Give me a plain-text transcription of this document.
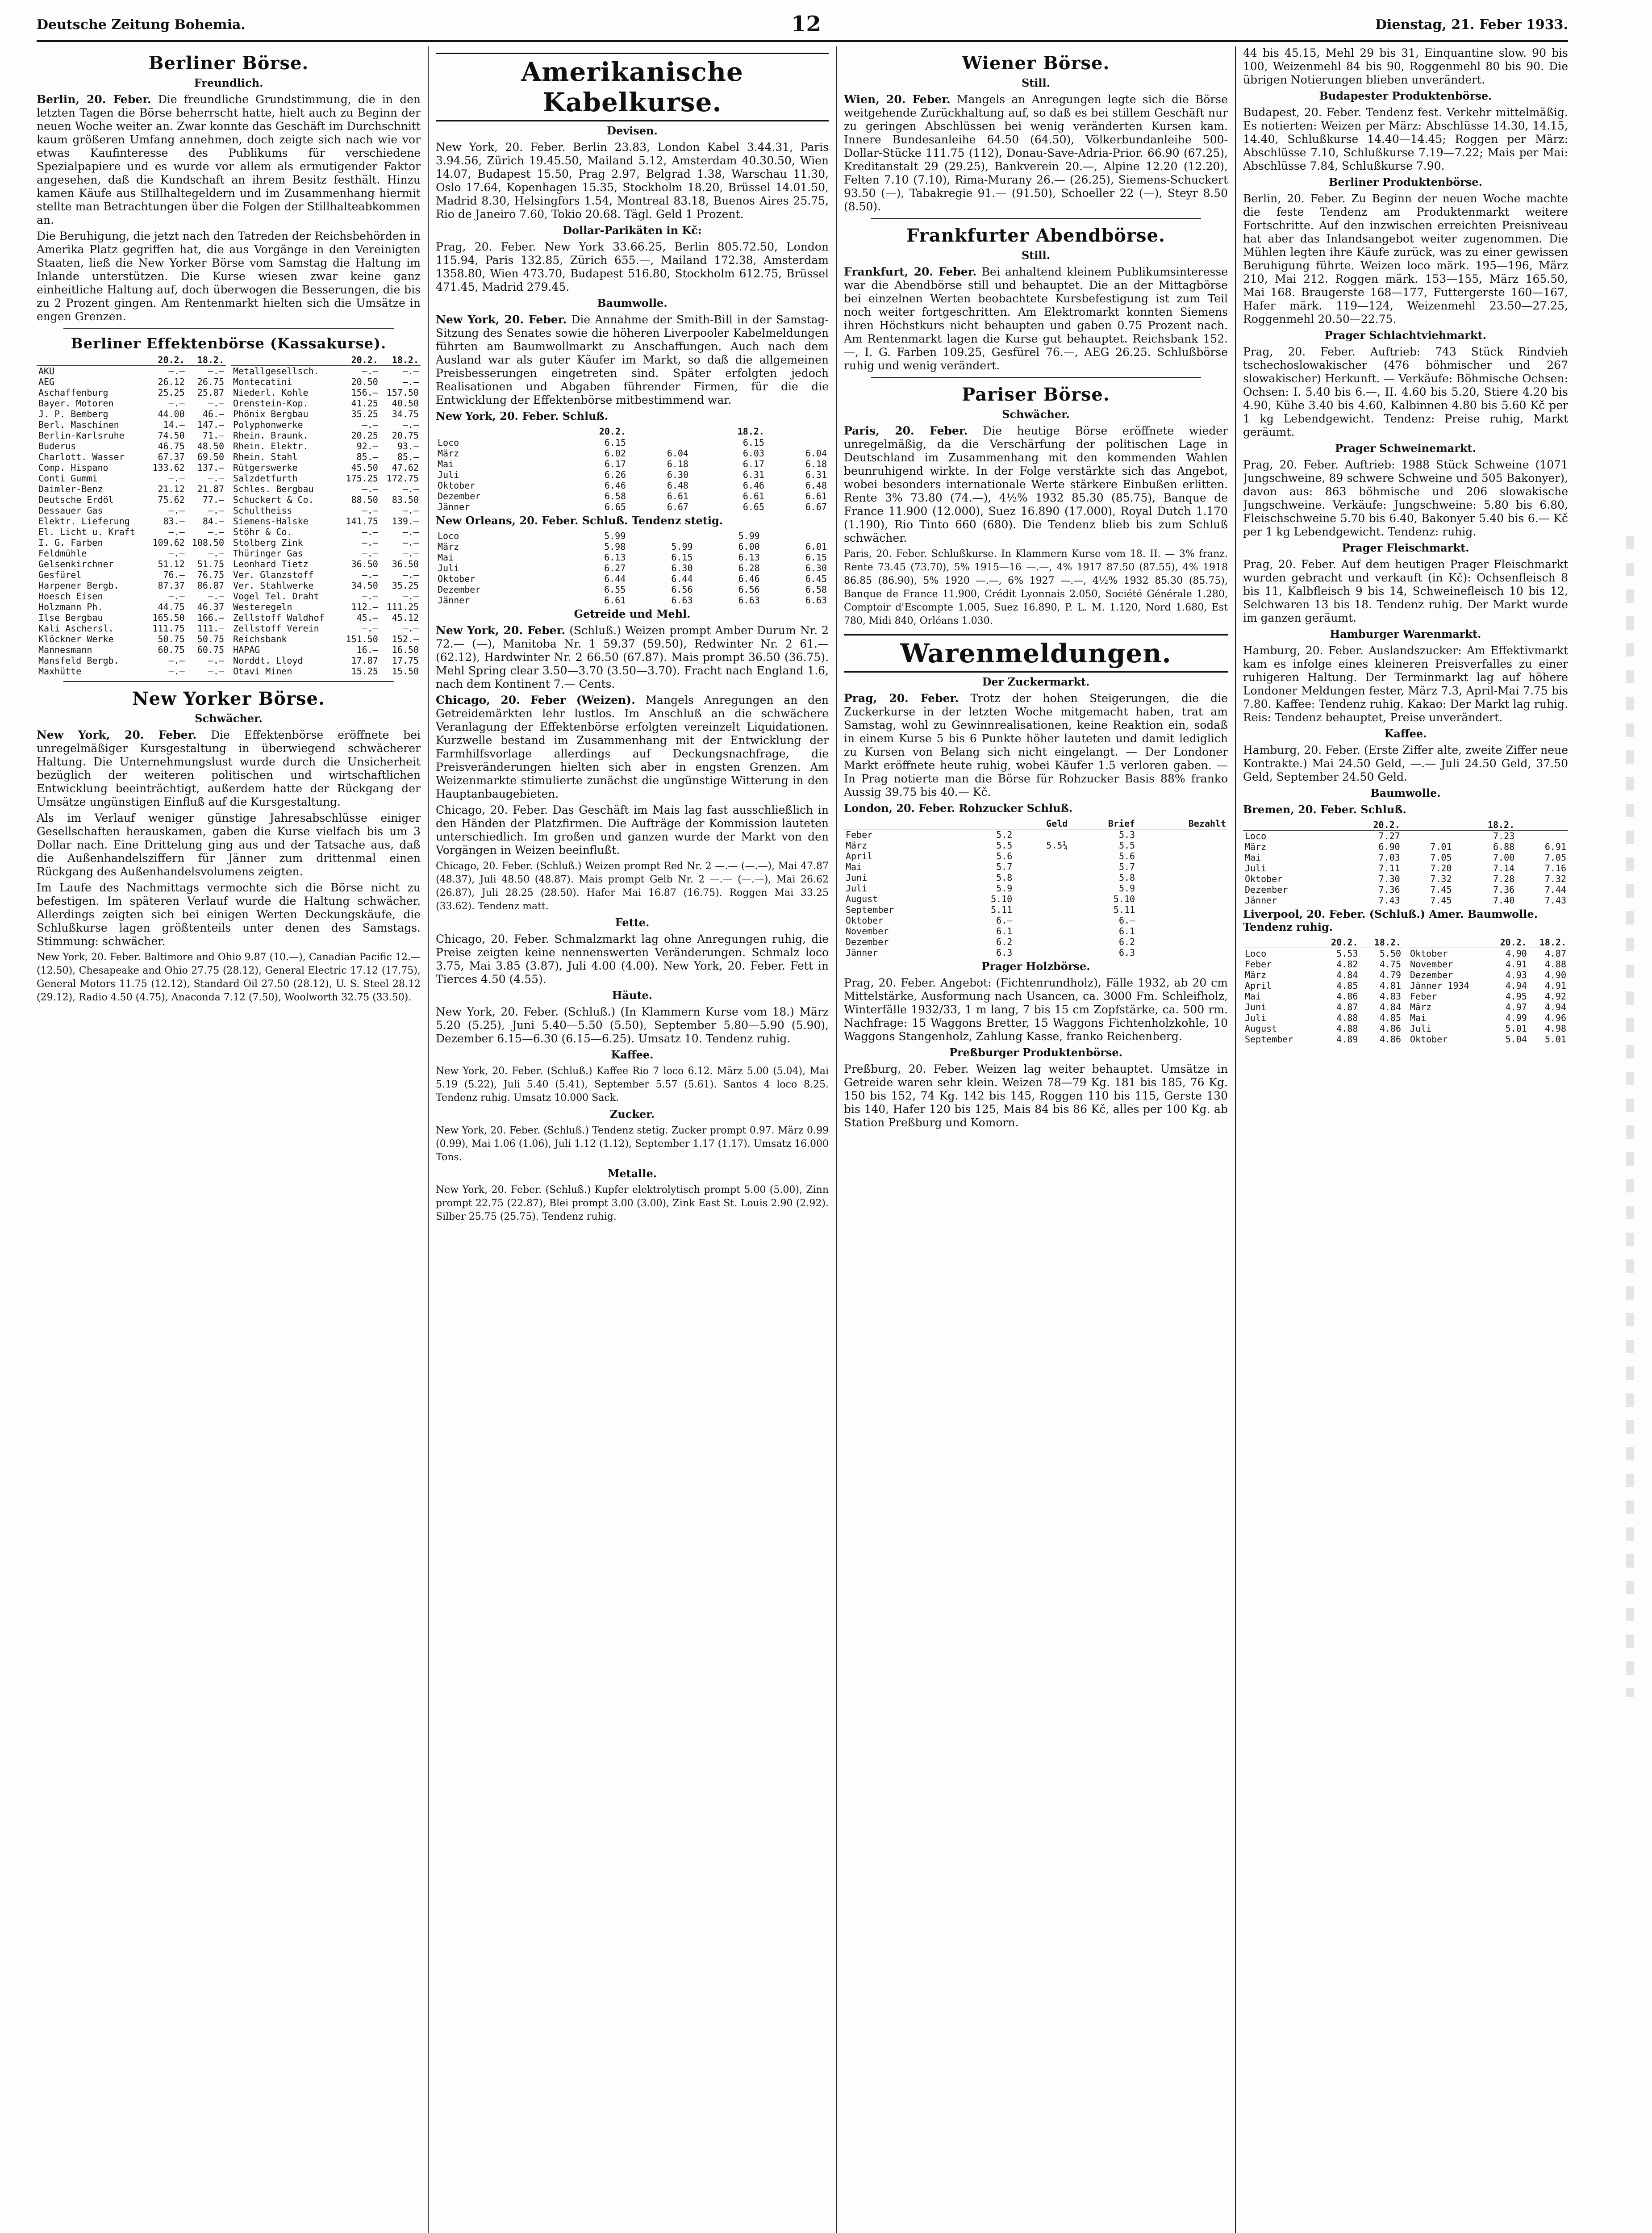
Deutsche Zeitung Bohemia.	12	Dienstag, 21. Feber 1933.
Berliner Börse.
Freundlich.

Berlin, 20. Feber. Die freundliche Grundstimmung, die in den letzten Tagen die Börse beherrscht hatte, hielt auch zu Beginn der neuen Woche weiter an. Zwar konnte das Geschäft im Durchschnitt kaum größeren Umfang annehmen, doch zeigte sich nach wie vor etwas Kaufinteresse des Publikums für verschiedene Spezialpapiere und es wurde vor allem als ermutigender Faktor angesehen, daß die Kundschaft an ihrem Besitz festhält. Hinzu kamen Käufe aus Stillhaltegeldern und im Zusammenhang hiermit stellte man Betrachtungen über die Folgen der Stillhalteabkommen an.

Die Beruhigung, die jetzt nach den Tatreden der Reichsbehörden in Amerika Platz gegriffen hat, die aus Vorgänge in den Vereinigten Staaten, ließ die New Yorker Börse vom Samstag die Haltung im Inlande unterstützen. Die Kurse wiesen zwar keine ganz einheitliche Haltung auf, doch überwogen die Besserungen, die bis zu 2 Prozent gingen. Am Rentenmarkt hielten sich die Umsätze in engen Grenzen.

Berliner Effektenbörse (Kassakurse).
	20.2.	18.2.
AKU	—.—	—.—
AEG	26.12	26.75
Aschaffenburg	25.25	25.87
Bayer. Motoren	—.—	—.—
J. P. Bemberg	44.00	46.—
Berl. Maschinen	14.—	147.—
Berlin-Karlsruhe	74.50	71.—
Buderus	46.75	48.50
Charlott. Wasser	67.37	69.50
Comp. Hispano	133.62	137.—
Conti Gummi	—.—	—.—
Daimler-Benz	21.12	21.87
Deutsche Erdöl	75.62	77.—
Dessauer Gas	—.—	—.—
Elektr. Lieferung	83.—	84.—
El. Licht u. Kraft	—.—	—.—
I. G. Farben	109.62	108.50
Feldmühle	—.—	—.—
Gelsenkirchner	51.12	51.75
Gesfürel	76.—	76.75
Harpener Bergb.	87.37	86.87
Hoesch Eisen	—.—	—.—
Holzmann Ph.	44.75	46.37
Ilse Bergbau	165.50	166.—
Kali Aschersl.	111.75	111.—
Klöckner Werke	50.75	50.75
Mannesmann	60.75	60.75
Mansfeld Bergb.	—.—	—.—
Maxhütte	—.—	—.—
	20.2.	18.2.
Metallgesellsch.	—.—	—.—
Montecatini	20.50	—.—
Niederl. Kohle	156.—	157.50
Orenstein-Kop.	41.25	40.50
Phönix Bergbau	35.25	34.75
Polyphonwerke	—.—	—.—
Rhein. Braunk.	20.25	20.75
Rhein. Elektr.	92.—	93.—
Rhein. Stahl	85.—	85.—
Rütgerswerke	45.50	47.62
Salzdetfurth	175.25	172.75
Schles. Bergbau	—.—	—.—
Schuckert & Co.	88.50	83.50
Schultheiss	—.—	—.—
Siemens-Halske	141.75	139.—
Stöhr & Co.	—.—	—.—
Stolberg Zink	—.—	—.—
Thüringer Gas	—.—	—.—
Leonhard Tietz	36.50	36.50
Ver. Glanzstoff	—.—	—.—
Ver. Stahlwerke	34.50	35.25
Vogel Tel. Draht	—.—	—.—
Westeregeln	112.—	111.25
Zellstoff Waldhof	45.—	45.12
Zellstoff Verein	—.—	—.—
Reichsbank	151.50	152.—
HAPAG	16.—	16.50
Norddt. Lloyd	17.87	17.75
Otavi Minen	15.25	15.50
New Yorker Börse.
Schwächer.

New York, 20. Feber. Die Effektenbörse eröffnete bei unregelmäßiger Kursgestaltung in überwiegend schwächerer Haltung. Die Unternehmungslust wurde durch die Unsicherheit bezüglich der weiteren politischen und wirtschaftlichen Entwicklung beeinträchtigt, außerdem hatte der Rückgang der Umsätze ungünstigen Einfluß auf die Kursgestaltung.

Als im Verlauf weniger günstige Jahresabschlüsse einiger Gesellschaften herauskamen, gaben die Kurse vielfach bis um 3 Dollar nach. Eine Drittelung ging aus und der Tatsache aus, daß die Außenhandelsziffern für Jänner zum drittenmal einen Rückgang des Außenhandelsvolumens zeigten.

Im Laufe des Nachmittags vermochte sich die Börse nicht zu befestigen. Im späteren Verlauf wurde die Haltung schwächer. Allerdings zeigten sich bei einigen Werten Deckungskäufe, die Schlußkurse lagen größtenteils unter denen des Samstags. Stimmung: schwächer.

New York, 20. Feber. Baltimore and Ohio 9.87 (10.—), Canadian Pacific 12.— (12.50), Chesapeake and Ohio 27.75 (28.12), General Electric 17.12 (17.75), General Motors 11.75 (12.12), Standard Oil 27.50 (28.12), U. S. Steel 28.12 (29.12), Radio 4.50 (4.75), Anaconda 7.12 (7.50), Woolworth 32.75 (33.50).

Amerikanische Kabelkurse.
Devisen.

New York, 20. Feber. Berlin 23.83, London Kabel 3.44.31, Paris 3.94.56, Zürich 19.45.50, Mailand 5.12, Amsterdam 40.30.50, Wien 14.07, Budapest 15.50, Prag 2.97, Belgrad 1.38, Warschau 11.30, Oslo 17.64, Kopenhagen 15.35, Stockholm 18.20, Brüssel 14.01.50, Madrid 8.30, Helsingfors 1.54, Montreal 83.18, Buenos Aires 25.75, Rio de Janeiro 7.60, Tokio 20.68. Tägl. Geld 1 Prozent.

Dollar-Parikäten in Kč:

Prag, 20. Feber. New York 33.66.25, Berlin 805.72.50, London 115.94, Paris 132.85, Zürich 655.—, Mailand 172.38, Amsterdam 1358.80, Wien 473.70, Budapest 516.80, Stockholm 612.75, Brüssel 471.45, Madrid 279.45.

Baumwolle.

New York, 20. Feber. Die Annahme der Smith-Bill in der Samstag-Sitzung des Senates sowie die höheren Liverpooler Kabelmeldungen führten am Baumwollmarkt zu Anschaffungen. Auch nach dem Ausland war als guter Käufer im Markt, so daß die allgemeinen Preisbesserungen eingetreten sind. Später erfolgten jedoch Realisationen und Abgaben führender Firmen, für die die Entwicklung der Effektenbörse mitbestimmend war.

New York, 20. Feber. Schluß.
	20.2.		18.2.	
Loco	6.15		6.15	
März	6.02	6.04	6.03	6.04
Mai	6.17	6.18	6.17	6.18
Juli	6.26	6.30	6.31	6.31
Oktober	6.46	6.48	6.46	6.48
Dezember	6.58	6.61	6.61	6.61
Jänner	6.65	6.67	6.65	6.67
New Orleans, 20. Feber. Schluß. Tendenz stetig.
Loco	5.99		5.99	
März	5.98	5.99	6.00	6.01
Mai	6.13	6.15	6.13	6.15
Juli	6.27	6.30	6.28	6.30
Oktober	6.44	6.44	6.46	6.45
Dezember	6.55	6.56	6.56	6.58
Jänner	6.61	6.63	6.63	6.63
Getreide und Mehl.

New York, 20. Feber. (Schluß.) Weizen prompt Amber Durum Nr. 2 72.— (—), Manitoba Nr. 1 59.37 (59.50), Redwinter Nr. 2 61.— (62.12), Hardwinter Nr. 2 66.50 (67.87). Mais prompt 36.50 (36.75). Mehl Spring clear 3.50—3.70 (3.50—3.70). Fracht nach England 1.6, nach dem Kontinent 7.— Cents.

Chicago, 20. Feber (Weizen). Mangels Anregungen an den Getreidemärkten lehr lustlos. Im Anschluß an die schwächere Veranlagung der Effektenbörse erfolgten vereinzelt Liquidationen. Kurzwelle bestand im Zusammenhang mit der Entwicklung der Farmhilfsvorlage allerdings auf Deckungsnachfrage, die Preisveränderungen hielten sich aber in engsten Grenzen. Am Weizenmarkte stimulierte zunächst die ungünstige Witterung in den Hauptanbaugebieten.

Chicago, 20. Feber. Das Geschäft im Mais lag fast ausschließlich in den Händen der Platzfirmen. Die Aufträge der Kommission lauteten unterschiedlich. Im großen und ganzen wurde der Markt von den Vorgängen in Weizen beeinflußt.

Chicago, 20. Feber. (Schluß.) Weizen prompt Red Nr. 2 —.— (—.—), Mai 47.87 (48.37), Juli 48.50 (48.87). Mais prompt Gelb Nr. 2 —.— (—.—), Mai 26.62 (26.87), Juli 28.25 (28.50). Hafer Mai 16.87 (16.75). Roggen Mai 33.25 (33.62). Tendenz matt.

Fette.

Chicago, 20. Feber. Schmalzmarkt lag ohne Anregungen ruhig, die Preise zeigten keine nennenswerten Veränderungen. Schmalz loco 3.75, Mai 3.85 (3.87), Juli 4.00 (4.00). New York, 20. Feber. Fett in Tierces 4.50 (4.55).

Häute.

New York, 20. Feber. (Schluß.) (In Klammern Kurse vom 18.) März 5.20 (5.25), Juni 5.40—5.50 (5.50), September 5.80—5.90 (5.90), Dezember 6.15—6.30 (6.15—6.25). Umsatz 10. Tendenz ruhig.

Kaffee.

New York, 20. Feber. (Schluß.) Kaffee Rio 7 loco 6.12. März 5.00 (5.04), Mai 5.19 (5.22), Juli 5.40 (5.41), September 5.57 (5.61). Santos 4 loco 8.25. Tendenz ruhig. Umsatz 10.000 Sack.

Zucker.

New York, 20. Feber. (Schluß.) Tendenz stetig. Zucker prompt 0.97. März 0.99 (0.99), Mai 1.06 (1.06), Juli 1.12 (1.12), September 1.17 (1.17). Umsatz 16.000 Tons.

Metalle.

New York, 20. Feber. (Schluß.) Kupfer elektrolytisch prompt 5.00 (5.00), Zinn prompt 22.75 (22.87), Blei prompt 3.00 (3.00), Zink East St. Louis 2.90 (2.92). Silber 25.75 (25.75). Tendenz ruhig.

Wiener Börse.
Still.

Wien, 20. Feber. Mangels an Anregungen legte sich die Börse weitgehende Zurückhaltung auf, so daß es bei stillem Geschäft nur zu geringen Abschlüssen bei wenig veränderten Kursen kam. Innere Bundesanleihe 64.50 (64.50), Völkerbundanleihe 500-Dollar-Stücke 111.75 (112), Donau-Save-Adria-Prior. 66.90 (67.25), Kreditanstalt 29 (29.25), Bankverein 20.—, Alpine 12.20 (12.20), Felten 7.10 (7.10), Rima-Murany 26.— (26.25), Siemens-Schuckert 93.50 (—), Tabakregie 91.— (91.50), Schoeller 22 (—), Steyr 8.50 (8.50).

Frankfurter Abendbörse.
Still.

Frankfurt, 20. Feber. Bei anhaltend kleinem Publikumsinteresse war die Abendbörse still und behauptet. Die an der Mittagbörse bei einzelnen Werten beobachtete Kursbefestigung ist zum Teil noch weiter fortgeschritten. Am Elektromarkt konnten Siemens ihren Höchstkurs nicht behaupten und gaben 0.75 Prozent nach. Am Rentenmarkt lagen die Kurse gut behauptet. Reichsbank 152.—, I. G. Farben 109.25, Gesfürel 76.—, AEG 26.25. Schlußbörse ruhig und wenig verändert.

Pariser Börse.
Schwächer.

Paris, 20. Feber. Die heutige Börse eröffnete wieder unregelmäßig, da die Verschärfung der politischen Lage in Deutschland im Zusammenhang mit den kommenden Wahlen beunruhigend wirkte. In der Folge verstärkte sich das Angebot, wobei besonders internationale Werte stärkere Einbußen erlitten. Rente 3% 73.80 (74.—), 4½% 1932 85.30 (85.75), Banque de France 11.900 (12.000), Suez 16.890 (17.000), Royal Dutch 1.170 (1.190), Rio Tinto 660 (680). Die Tendenz blieb bis zum Schluß schwächer.

Paris, 20. Feber. Schlußkurse. In Klammern Kurse vom 18. II. — 3% franz. Rente 73.45 (73.70), 5% 1915—16 —.—, 4% 1917 87.50 (87.55), 4% 1918 86.85 (86.90), 5% 1920 —.—, 6% 1927 —.—, 4½% 1932 85.30 (85.75), Banque de France 11.900, Crédit Lyonnais 2.050, Société Générale 1.280, Comptoir d'Escompte 1.005, Suez 16.890, P. L. M. 1.120, Nord 1.680, Est 780, Midi 840, Orléans 1.030.

Warenmeldungen.
Der Zuckermarkt.

Prag, 20. Feber. Trotz der hohen Steigerungen, die die Zuckerkurse in der letzten Woche mitgemacht haben, trat am Samstag, wohl zu Gewinnrealisationen, keine Reaktion ein, sodaß in einem Kurse 5 bis 6 Punkte höher lauteten und damit lediglich zu Kursen von Belang sich nicht eingelangt. — Der Londoner Markt eröffnete heute ruhig, wobei Käufer 1.5 verloren gaben. — In Prag notierte man die Börse für Rohzucker Basis 88% franko Aussig 39.75 bis 40.— Kč.

London, 20. Feber. Rohzucker Schluß.
		Geld	Brief	Bezahlt
Feber	5.2		5.3	
März	5.5	5.5¾	5.5	
April	5.6		5.6	
Mai	5.7		5.7	
Juni	5.8		5.8	
Juli	5.9		5.9	
August	5.10		5.10	
September	5.11		5.11	
Oktober	6.—		6.—	
November	6.1		6.1	
Dezember	6.2		6.2	
Jänner	6.3		6.3	
Prager Holzbörse.

Prag, 20. Feber. Angebot: (Fichtenrundholz), Fälle 1932, ab 20 cm Mittelstärke, Ausformung nach Usancen, ca. 3000 Fm. Schleifholz, Winterfälle 1932/33, 1 m lang, 7 bis 15 cm Zopfstärke, ca. 500 rm. Nachfrage: 15 Waggons Bretter, 15 Waggons Fichtenholzkohle, 10 Waggons Stangenholz, Zahlung Kasse, franko Reichenberg.

Preßburger Produktenbörse.

Preßburg, 20. Feber. Weizen lag weiter behauptet. Umsätze in Getreide waren sehr klein. Weizen 78—79 Kg. 181 bis 185, 76 Kg. 150 bis 152, 74 Kg. 142 bis 145, Roggen 110 bis 115, Gerste 130 bis 140, Hafer 120 bis 125, Mais 84 bis 86 Kč, alles per 100 Kg. ab Station Preßburg und Komorn.

44 bis 45.15, Mehl 29 bis 31, Einquantine slow. 90 bis 100, Weizenmehl 84 bis 90, Roggenmehl 80 bis 90. Die übrigen Notierungen blieben unverändert.

Budapester Produktenbörse.

Budapest, 20. Feber. Tendenz fest. Verkehr mittelmäßig. Es notierten: Weizen per März: Abschlüsse 14.30, 14.15, 14.40, Schlußkurse 14.40—14.45; Roggen per März: Abschlüsse 7.10, Schlußkurse 7.19—7.22; Mais per Mai: Abschlüsse 7.84, Schlußkurse 7.90.

Berliner Produktenbörse.

Berlin, 20. Feber. Zu Beginn der neuen Woche machte die feste Tendenz am Produktenmarkt weitere Fortschritte. Auf den inzwischen erreichten Preisniveau hat aber das Inlandsangebot weiter zugenommen. Die Mühlen legten ihre Käufe zurück, was zu einer gewissen Beruhigung führte. Weizen loco märk. 195—196, März 210, Mai 212. Roggen märk. 153—155, März 165.50, Mai 168. Braugerste 168—177, Futtergerste 160—167, Hafer märk. 119—124, Weizenmehl 23.50—27.25, Roggenmehl 20.50—22.75.

Prager Schlachtviehmarkt.

Prag, 20. Feber. Auftrieb: 743 Stück Rindvieh tschechoslowakischer (476 böhmischer und 267 slowakischer) Herkunft. — Verkäufe: Böhmische Ochsen: Ochsen: I. 5.40 bis 6.—, II. 4.60 bis 5.20, Stiere 4.20 bis 4.90, Kühe 3.40 bis 4.60, Kalbinnen 4.80 bis 5.60 Kč per 1 kg Lebendgewicht. Tendenz: Preise ruhig, Markt geräumt.

Prager Schweinemarkt.

Prag, 20. Feber. Auftrieb: 1988 Stück Schweine (1071 Jungschweine, 89 schwere Schweine und 505 Bakonyer), davon aus: 863 böhmische und 206 slowakische Jungschweine. Verkäufe: Jungschweine: 5.80 bis 6.80, Fleischschweine 5.70 bis 6.40, Bakonyer 5.40 bis 6.— Kč per 1 kg Lebendgewicht. Tendenz: ruhig.

Prager Fleischmarkt.

Prag, 20. Feber. Auf dem heutigen Prager Fleischmarkt wurden gebracht und verkauft (in Kč): Ochsenfleisch 8 bis 11, Kalbfleisch 9 bis 14, Schweinefleisch 10 bis 12, Selchwaren 13 bis 18. Tendenz ruhig. Der Markt wurde im ganzen geräumt.

Hamburger Warenmarkt.

Hamburg, 20. Feber. Auslandszucker: Am Effektivmarkt kam es infolge eines kleineren Preisverfalles zu einer ruhigeren Haltung. Der Terminmarkt lag auf höhere Londoner Meldungen fester, März 7.3, April-Mai 7.75 bis 7.80. Kaffee: Tendenz ruhig. Kakao: Der Markt lag ruhig. Reis: Tendenz behauptet, Preise unverändert.

Kaffee.

Hamburg, 20. Feber. (Erste Ziffer alte, zweite Ziffer neue Kontrakte.) Mai 24.50 Geld, —.— Juli 24.50 Geld, 37.50 Geld, September 24.50 Geld.

Baumwolle.
Bremen, 20. Feber. Schluß.
	20.2.		18.2.	
Loco	7.27		7.23	
März	6.90	7.01	6.88	6.91
Mai	7.03	7.05	7.00	7.05
Juli	7.11	7.20	7.14	7.16
Oktober	7.30	7.32	7.28	7.32
Dezember	7.36	7.45	7.36	7.44
Jänner	7.43	7.45	7.40	7.43
Liverpool, 20. Feber. (Schluß.) Amer. Baumwolle. Tendenz ruhig.
	20.2.	18.2.
Loco	5.53	5.50
Feber	4.82	4.75
März	4.84	4.79
April	4.85	4.81
Mai	4.86	4.83
Juni	4.87	4.84
Juli	4.88	4.85
August	4.88	4.86
September	4.89	4.86
	20.2.	18.2.
Oktober	4.90	4.87
November	4.91	4.88
Dezember	4.93	4.90
Jänner 1934	4.94	4.91
Feber	4.95	4.92
März	4.97	4.94
Mai	4.99	4.96
Juli	5.01	4.98
Oktober	5.04	5.01
